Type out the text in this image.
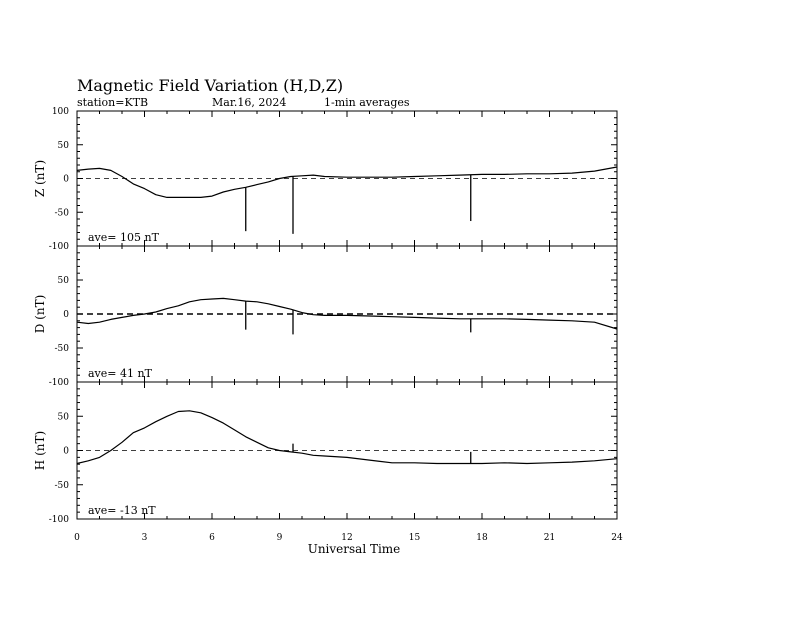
Magnetic Field Variation (H,D,Z)
station=KTB	Mar.16, 2024	1-min averages
100
50
0
-50
-100
Z (nT)
ave= 105 nT
50
0
-50
-100
D (nT)
ave= 41 nT
50
0
-50
-100
H (nT)
ave= -13 nT
0	3	6	9	12	15	18	21	24
Universal Time
